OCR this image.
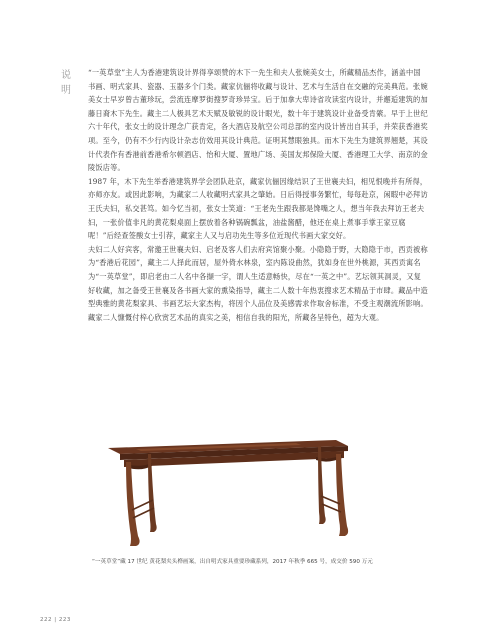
说
明

“一英草堂”主人为香港建筑设计界得享颂赞的木下一先生和夫人张婉美女士，所藏精品杰作，涵盖中国书画、明式家具、瓷器、玉器多个门类。藏家伉俪将收藏与设计、艺术与生活自在交融的完美典范。张婉美女士早岁曾古董珍玩，尝流连摩罗街搜罗奇珍异宝。后于加拿大卑诗省攻读室内设计，并邂逅建筑的加藤日裔木下先生。藏主二人极具艺术天赋及敏锐的设计眼光，数十年于建筑设计业备受肯綮。早于上世纪六十年代，张女士的设计理念广获肯定，各大酒店及航空公司总部的室内设计皆出自其手，并荣获香港奖项。至今，仍有不少行内设计杂志仿效用其设计典范。证明其慧眼独具。而木下先生为建筑界翘楚，其设计代表作有香港前香港希尔顿酒店、怡和大厦、置地广场、美国友邦保险大厦、香港理工大学、南京的金陵饭店等。

1987 年，木下先生举香港建筑界学会团队赴京，藏家伉俪因缘结识了王世襄夫妇，相见恨晚并有所得，亦师亦友。或因此影响，为藏家二人收藏明式家具之肇始。日后得授事务繁忙，每每赴京，闲暇中必拜访王氏夫妇，私交甚笃。如今忆当初，张女士笑道：“王老先生跟我都是馋嘴之人，想当年我去拜访王老夫妇，一张价值非凡的黄花梨桌面上摆放着各种锅碗瓢盆，油盐酱醋，他还在桌上煮事手掌王家豆腐呢！”后经查签酸女士引荐，藏家主人又与启功先生等多位近现代书画大家交好。

夫妇二人好宾客，常邀王世襄夫妇、启老及客人们去府宾馆聚小聚。小隐隐于野，大隐隐于市，西贡被称为“香港后花园”，藏主二人择此而居，屋外倚水林泉，室内陈设曲然，犹如身在世外桃源，其西贡寓名为“一英草堂”，即启老由二人名中各撷一字，谓人生适意畅快，尽在“一英之中”。艺坛领其洞灵，又复好收藏，加之备受王世襄及各书画大家的熏染指导，藏主二人数十年热衷搜求艺术精品于市肆。藏品中造型典雅的黄花梨家具、书画艺坛大家杰构，将因个人品位及美感需求作取舍标准，不受主观潮流所影响。藏家二人慷慨付梓心欣赏艺术品的真实之美，相信自我的阳光，所藏各呈特色，超为大观。

“一英草堂”藏 17 世纪 黄花梨夹头榫画案，出自明式家具重要珍藏系列，2017 年秋季 665 号，成交价 590 万元
222 | 223
